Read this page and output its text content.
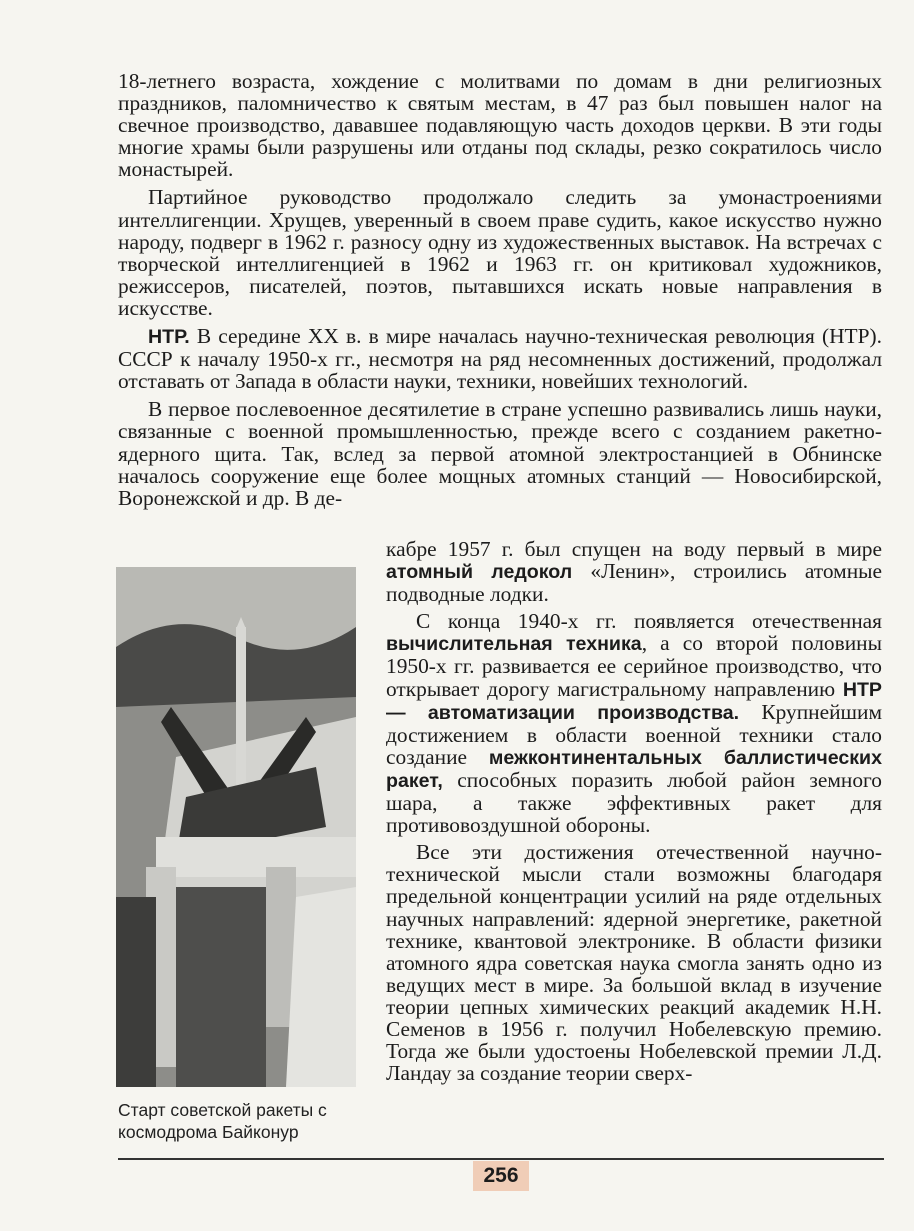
18-летнего возраста, хождение с молитвами по домам в дни религиозных праздников, паломничество к святым местам, в 47 раз был повышен налог на свечное производство, дававшее подавляющую часть доходов церкви. В эти годы многие храмы были разрушены или отданы под склады, резко сократилось число монастырей.

Партийное руководство продолжало следить за умонастроениями интеллигенции. Хрущев, уверенный в своем праве судить, какое искусство нужно народу, подверг в 1962 г. разносу одну из художественных выставок. На встречах с творческой интеллигенцией в 1962 и 1963 гг. он критиковал художников, режиссеров, писателей, поэтов, пытавшихся искать новые направления в искусстве.

НТР. В середине XX в. в мире началась научно-техническая революция (НТР). СССР к началу 1950-х гг., несмотря на ряд несомненных достижений, продолжал отставать от Запада в области науки, техники, новейших технологий.

В первое послевоенное десятилетие в стране успешно развивались лишь науки, связанные с военной промышленностью, прежде всего с созданием ракетно-ядерного щита. Так, вслед за первой атомной электростанцией в Обнинске началось сооружение еще более мощных атомных станций — Новосибирской, Воронежской и др. В де-

Старт советской ракеты с космодрома Байконур

кабре 1957 г. был спущен на воду первый в мире атомный ледокол «Ленин», строились атомные подводные лодки.

С конца 1940-х гг. появляется отечественная вычислительная техника, а со второй половины 1950-х гг. развивается ее серийное производство, что открывает дорогу магистральному направлению НТР — автоматизации производства. Крупнейшим достижением в области военной техники стало создание межконтинентальных баллистических ракет, способных поразить любой район земного шара, а также эффективных ракет для противовоздушной обороны.

Все эти достижения отечественной научно-технической мысли стали возможны благодаря предельной концентрации усилий на ряде отдельных научных направлений: ядерной энергетике, ракетной технике, квантовой электронике. В области физики атомного ядра советская наука смогла занять одно из ведущих мест в мире. За большой вклад в изучение теории цепных химических реакций академик Н.Н. Семенов в 1956 г. получил Нобелевскую премию. Тогда же были удостоены Нобелевской премии Л.Д. Ландау за создание теории сверх-

256
